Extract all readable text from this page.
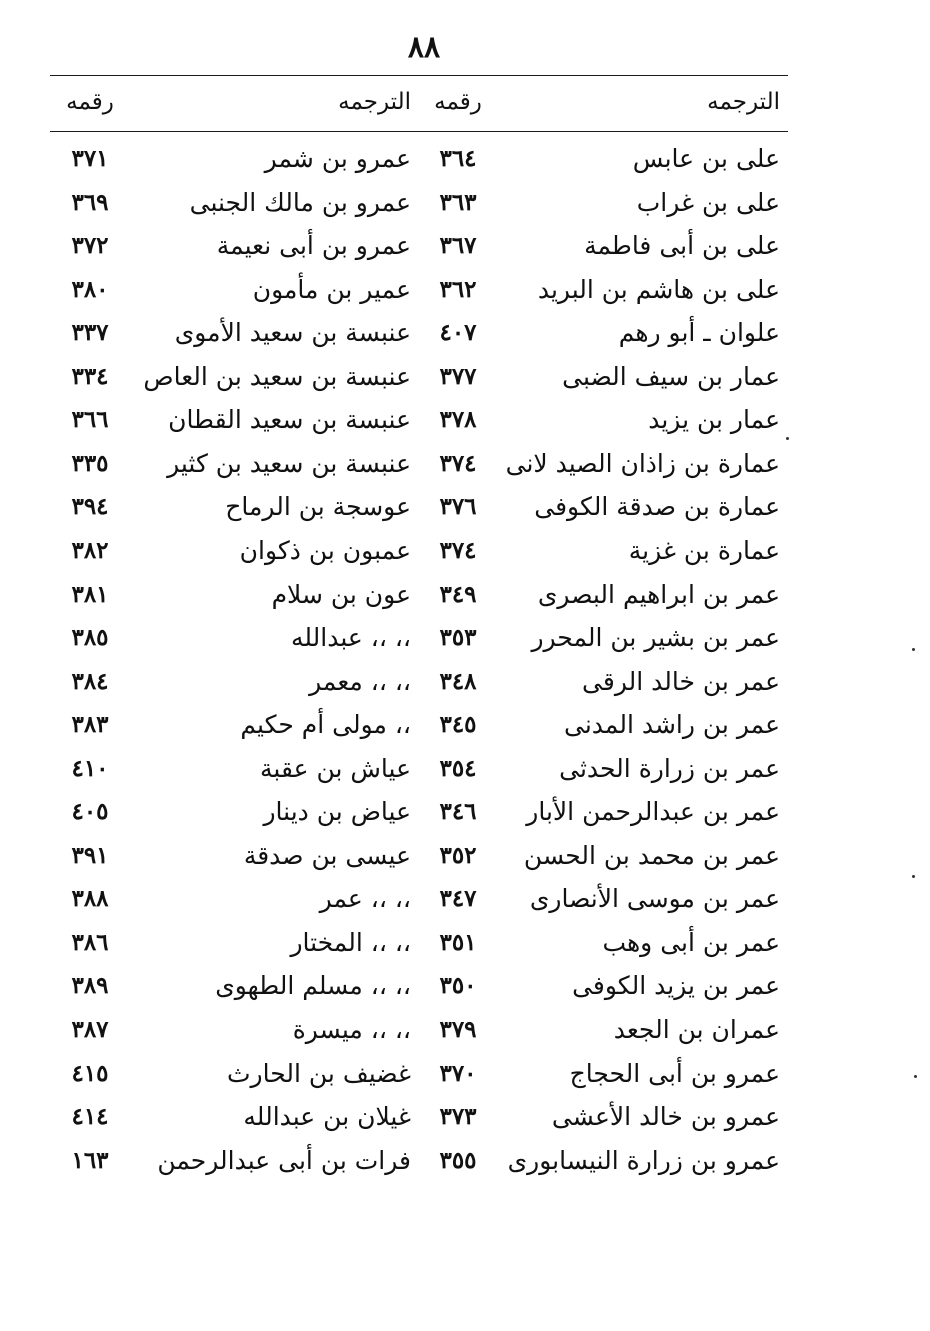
٨٨
الترجمه
رقمه
الترجمه
رقمه
على بن عابس
٣٦٤
عمرو بن شمر
٣٧١
على بن غراب
٣٦٣
عمرو بن مالك الجنبى
٣٦٩
على بن أبى فاطمة
٣٦٧
عمرو بن أبى نعيمة
٣٧٢
على بن هاشم بن البريد
٣٦٢
عمير بن مأمون
٣٨٠
علوان ـ أبو رهم
٤٠٧
عنبسة بن سعيد الأموى
٣٣٧
عمار بن سيف الضبى
٣٧٧
عنبسة بن سعيد بن العاص
٣٣٤
عمار بن يزيد
٣٧٨
عنبسة بن سعيد القطان
٣٦٦
عمارة بن زاذان الصيد لانى
٣٧٤
عنبسة بن سعيد بن كثير
٣٣٥
عمارة بن صدقة الكوفى
٣٧٦
عوسجة بن الرماح
٣٩٤
عمارة بن غزية
٣٧٤
عمبون بن ذكوان
٣٨٢
عمر بن ابراهيم البصرى
٣٤٩
عون بن سلام
٣٨١
عمر بن بشير بن المحرر
٣٥٣
،، ،، عبدالله
٣٨٥
عمر بن خالد الرقى
٣٤٨
،، ،، معمر
٣٨٤
عمر بن راشد المدنى
٣٤٥
،، مولى أم حكيم
٣٨٣
عمر بن زرارة الحدثى
٣٥٤
عياش بن عقبة
٤١٠
عمر بن عبدالرحمن الأبار
٣٤٦
عياض بن دينار
٤٠٥
عمر بن محمد بن الحسن
٣٥٢
عيسى بن صدقة
٣٩١
عمر بن موسى الأنصارى
٣٤٧
،، ،، عمر
٣٨٨
عمر بن أبى وهب
٣٥١
،، ،، المختار
٣٨٦
عمر بن يزيد الكوفى
٣٥٠
،، ،، مسلم الطهوى
٣٨٩
عمران بن الجعد
٣٧٩
،، ،، ميسرة
٣٨٧
عمرو بن أبى الحجاج
٣٧٠
غضيف بن الحارث
٤١٥
عمرو بن خالد الأعشى
٣٧٣
غيلان بن عبدالله
٤١٤
عمرو بن زرارة النيسابورى
٣٥٥
فرات بن أبى عبدالرحمن
١٦٣
